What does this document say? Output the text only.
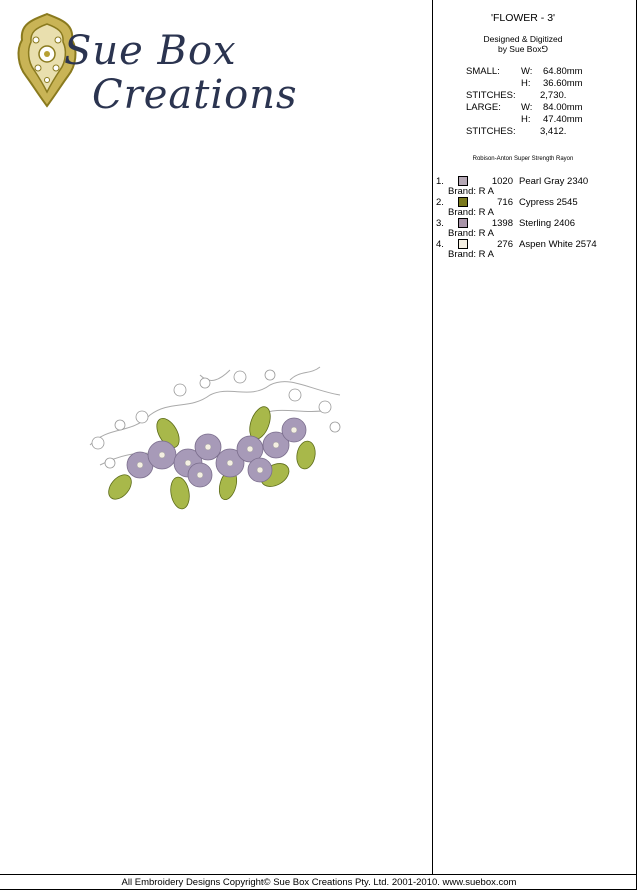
Sue Box
Creations
'FLOWER - 3'
Designed & Digitized
by Sue Box⅁
SMALL: W: 64.80mm
H: 36.60mm
STITCHES:	2,730.
LARGE: W: 84.00mm
H: 47.40mm
STITCHES:	3,412.
Robison-Anton Super Strength Rayon
1.	1020 Pearl Gray 2340
Brand: R A
2.	716 Cypress 2545
Brand: R A
3.	1398 Sterling 2406
Brand: R A
4.	276 Aspen White 2574
Brand: R A
All Embroidery Designs Copyright© Sue Box Creations Pty. Ltd. 2001-2010. www.suebox.com
